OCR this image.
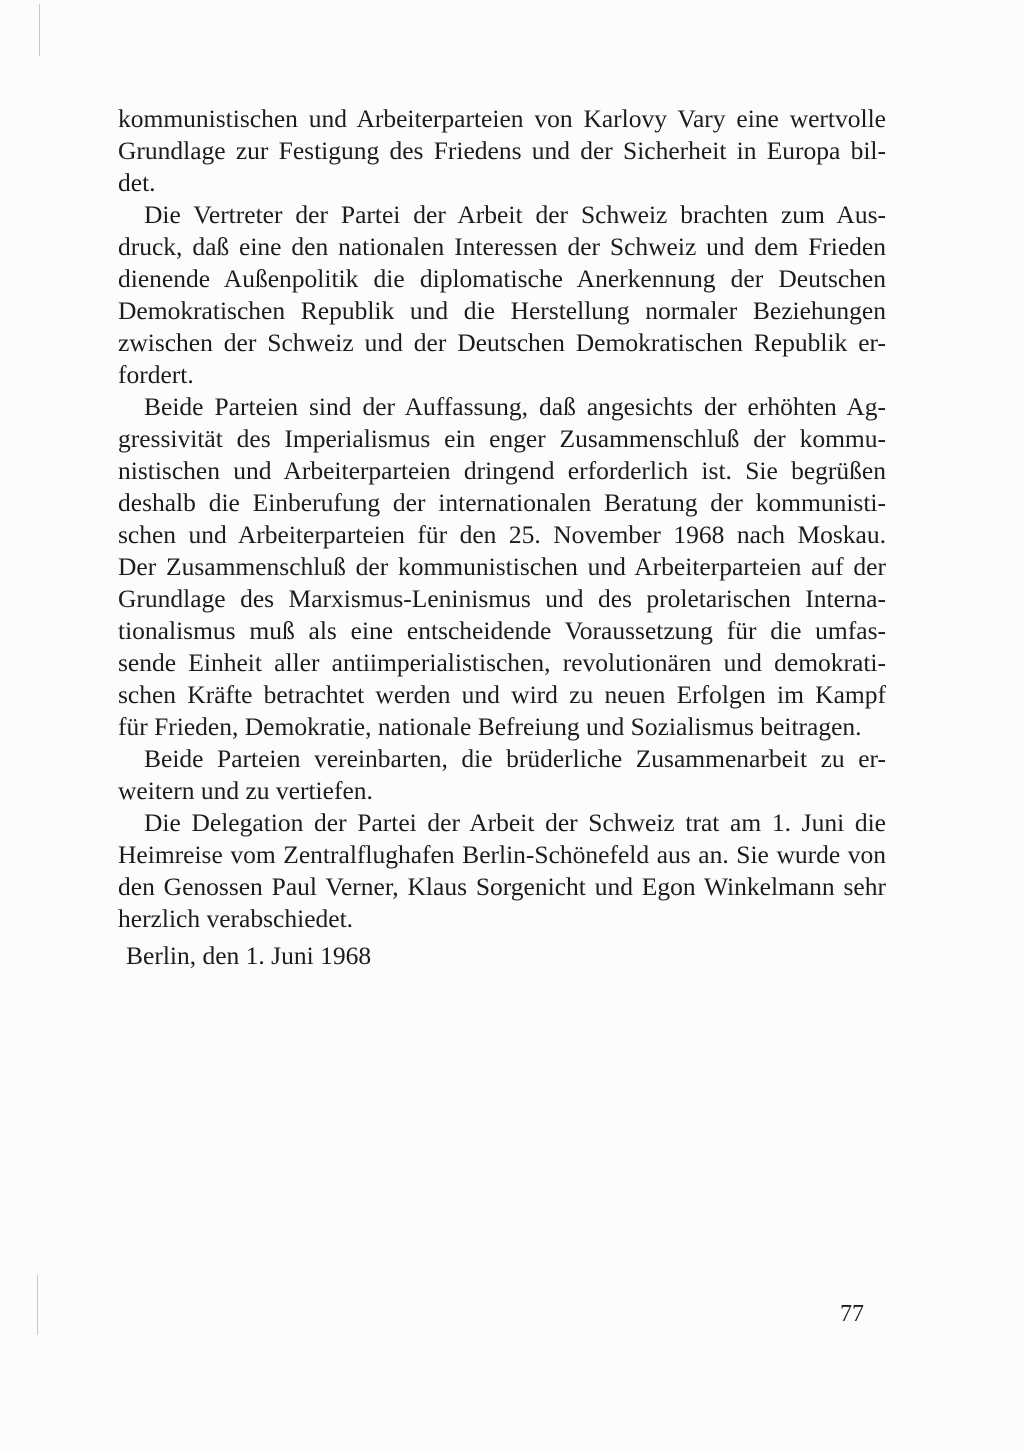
kommunistischen und Arbeiterparteien von Karlovy Vary eine wertvolle
Grundlage zur Festigung des Friedens und der Sicherheit in Europa bil-
det.

Die Vertreter der Partei der Arbeit der Schweiz brachten zum Aus-
druck, daß eine den nationalen Interessen der Schweiz und dem Frieden
dienende Außenpolitik die diplomatische Anerkennung der Deutschen
Demokratischen Republik und die Herstellung normaler Beziehungen
zwischen der Schweiz und der Deutschen Demokratischen Republik er-
fordert.

Beide Parteien sind der Auffassung, daß angesichts der erhöhten Ag-
gressivität des Imperialismus ein enger Zusammenschluß der kommu-
nistischen und Arbeiterparteien dringend erforderlich ist. Sie begrüßen
deshalb die Einberufung der internationalen Beratung der kommunisti-
schen und Arbeiterparteien für den 25. November 1968 nach Moskau.
Der Zusammenschluß der kommunistischen und Arbeiterparteien auf der
Grundlage des Marxismus-Leninismus und des proletarischen Interna-
tionalismus muß als eine entscheidende Voraussetzung für die umfas-
sende Einheit aller antiimperialistischen, revolutionären und demokrati-
schen Kräfte betrachtet werden und wird zu neuen Erfolgen im Kampf
für Frieden, Demokratie, nationale Befreiung und Sozialismus beitragen.

Beide Parteien vereinbarten, die brüderliche Zusammenarbeit zu er-
weitern und zu vertiefen.

Die Delegation der Partei der Arbeit der Schweiz trat am 1. Juni die
Heimreise vom Zentralflughafen Berlin-Schönefeld aus an. Sie wurde von
den Genossen Paul Verner, Klaus Sorgenicht und Egon Winkelmann sehr
herzlich verabschiedet.

Berlin, den 1. Juni 1968
77
